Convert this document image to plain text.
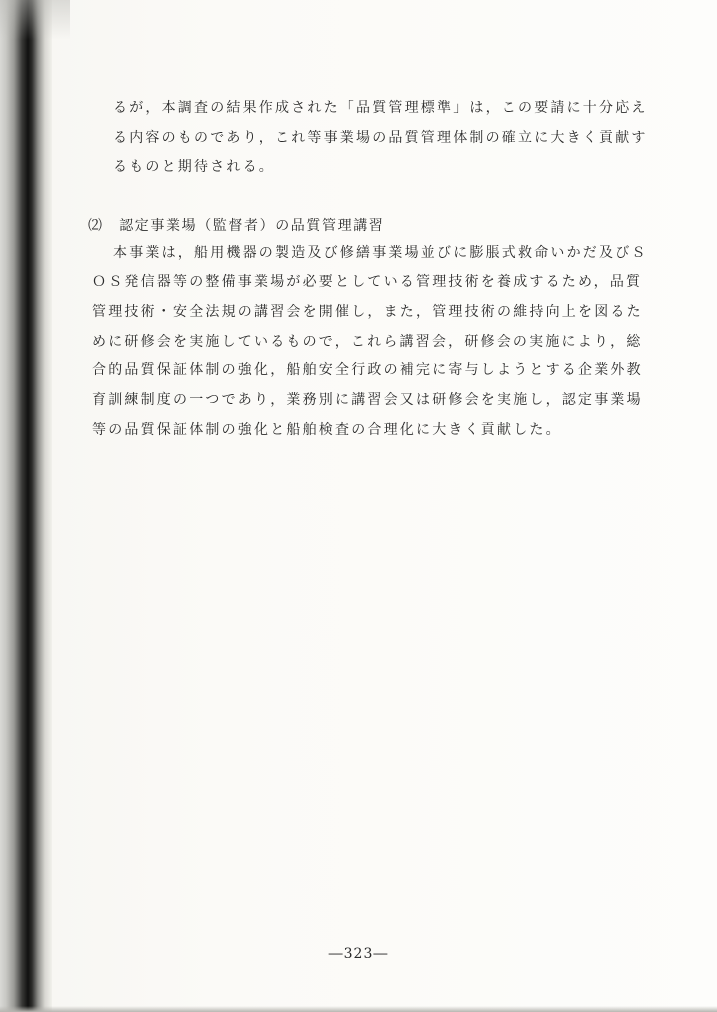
るが，本調査の結果作成された「品質管理標準」は，この要請に十分応え
る内容のものであり，これ等事業場の品質管理体制の確立に大きく貢献す
るものと期待される。
⑵　認定事業場（監督者）の品質管理講習
本事業は，船用機器の製造及び修繕事業場並びに膨脹式救命いかだ及びＳ
ＯＳ発信器等の整備事業場が必要としている管理技術を養成するため，品質
管理技術・安全法規の講習会を開催し，また，管理技術の維持向上を図るた
めに研修会を実施しているもので，これら講習会，研修会の実施により，総
合的品質保証体制の強化，船舶安全行政の補完に寄与しようとする企業外教
育訓練制度の一つであり，業務別に講習会又は研修会を実施し，認定事業場
等の品質保証体制の強化と船舶検査の合理化に大きく貢献した。
―323―
